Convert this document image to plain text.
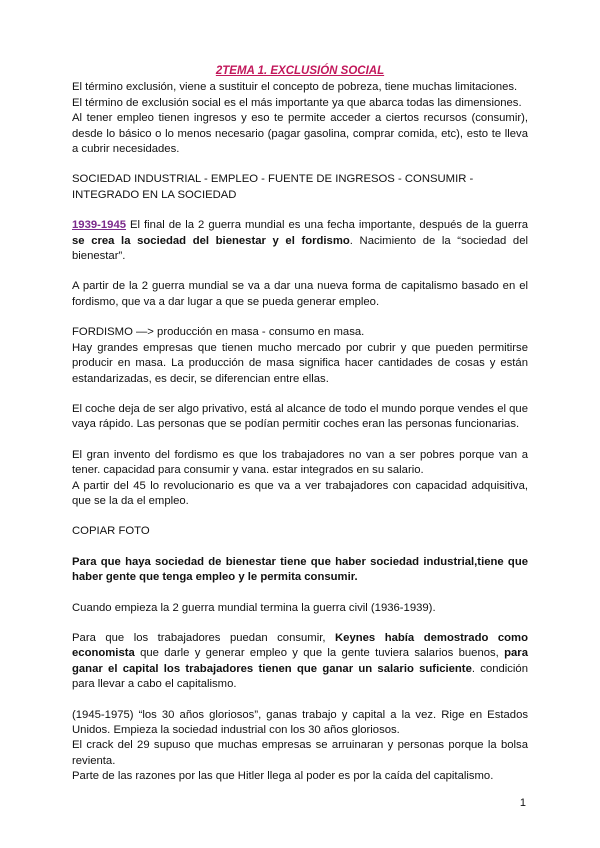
2TEMA 1. EXCLUSIÓN SOCIAL

El término exclusión, viene a sustituir el concepto de pobreza, tiene muchas limitaciones.

El término de exclusión social es el más importante ya que abarca todas las dimensiones.

Al tener empleo tienen ingresos y eso te permite acceder a ciertos recursos (consumir), desde lo básico o lo menos necesario (pagar gasolina, comprar comida, etc), esto te lleva a cubrir necesidades.

SOCIEDAD INDUSTRIAL - EMPLEO - FUENTE DE INGRESOS - CONSUMIR - INTEGRADO EN LA SOCIEDAD

1939-1945 El final de la 2 guerra mundial es una fecha importante, después de la guerra se crea la sociedad del bienestar y el fordismo. Nacimiento de la “sociedad del bienestar”.

A partir de la 2 guerra mundial se va a dar una nueva forma de capitalismo basado en el fordismo, que va a dar lugar a que se pueda generar empleo.

FORDISMO —> producción en masa - consumo en masa.

Hay grandes empresas que tienen mucho mercado por cubrir y que pueden permitirse producir en masa. La producción de masa significa hacer cantidades de cosas y están estandarizadas, es decir, se diferencian entre ellas.

El coche deja de ser algo privativo, está al alcance de todo el mundo porque vendes el que vaya rápido. Las personas que se podían permitir coches eran las personas funcionarias.

El gran invento del fordismo es que los trabajadores no van a ser pobres porque van a tener. capacidad para consumir y vana. estar integrados en su salario.

A partir del 45 lo revolucionario es que va a ver trabajadores con capacidad adquisitiva, que se la da el empleo.

COPIAR FOTO

Para que haya sociedad de bienestar tiene que haber sociedad industrial,tiene que haber gente que tenga empleo y le permita consumir.

Cuando empieza la 2 guerra mundial termina la guerra civil (1936-1939).

Para que los trabajadores puedan consumir, Keynes había demostrado como economista que darle y generar empleo y que la gente tuviera salarios buenos, para ganar el capital los trabajadores tienen que ganar un salario suficiente. condición para llevar a cabo el capitalismo.

(1945-1975) “los 30 años gloriosos”, ganas trabajo y capital a la vez. Rige en Estados Unidos. Empieza la sociedad industrial con los 30 años gloriosos.

El crack del 29 supuso que muchas empresas se arruinaran y personas porque la bolsa revienta.

Parte de las razones por las que Hitler llega al poder es por la caída del capitalismo.

1
